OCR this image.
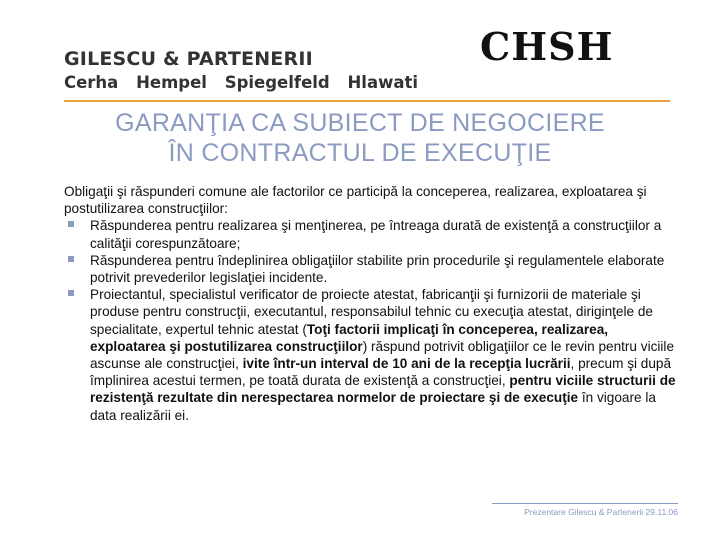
GILESCU & PARTENERII
Cerha Hempel Spiegelfeld Hlawati
CHSH
GARANŢIA CA SUBIECT DE NEGOCIERE
ÎN CONTRACTUL DE EXECUŢIE

Obligaţii şi răspunderi comune ale factorilor ce participă la conceperea, realizarea, exploatarea şi postutilizarea construcţiilor:

Răspunderea pentru realizarea şi menţinerea, pe întreaga durată de existenţă a construcţiilor a calităţii corespunzătoare;
Răspunderea pentru îndeplinirea obligaţiilor stabilite prin procedurile şi regulamentele elaborate potrivit prevederilor legislaţiei incidente.
Proiectantul, specialistul verificator de proiecte atestat, fabricanţii şi furnizorii de materiale şi produse pentru construcţii, executantul, responsabilul tehnic cu execuţia atestat, diriginţele de specialitate, expertul tehnic atestat (Toţi factorii implicaţi în conceperea, realizarea, exploatarea şi postutilizarea construcţiilor) răspund potrivit obligaţiilor ce le revin pentru viciile ascunse ale construcţiei, ivite într-un interval de 10 ani de la recepţia lucrării, precum şi după împlinirea acestui termen, pe toată durata de existenţă a construcţiei, pentru viciile structurii de rezistenţă rezultate din nerespectarea normelor de proiectare şi de execuţie în vigoare la data realizării ei.
Prezentare Gilescu & Partenerii 29.11.06
